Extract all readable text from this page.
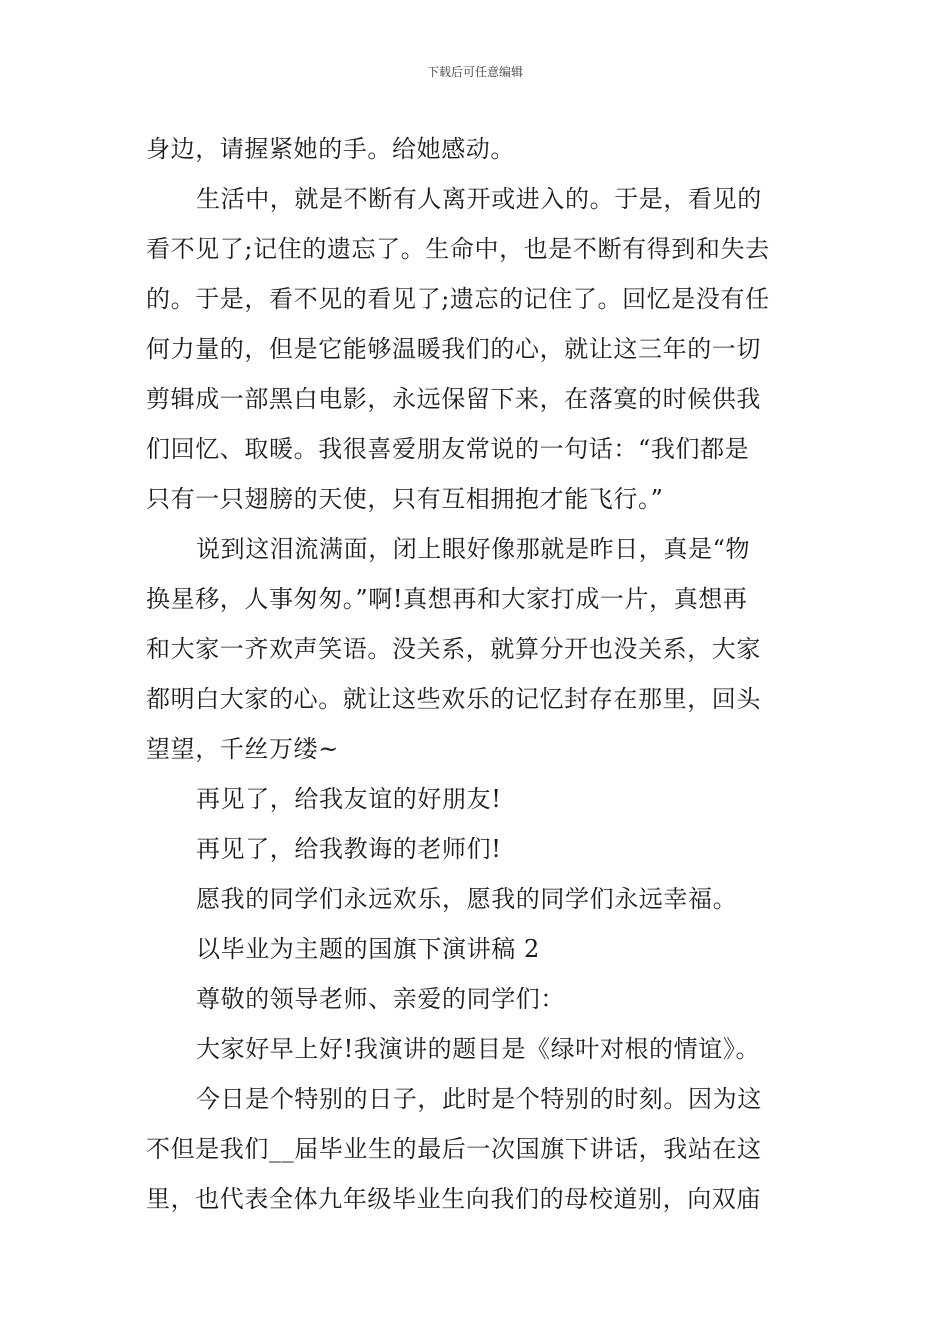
下载后可任意编辑
身边，请握紧她的手。给她感动。
生活中，就是不断有人离开或进入的。于是，看见的
看不见了;记住的遗忘了。生命中，也是不断有得到和失去
的。于是，看不见的看见了;遗忘的记住了。回忆是没有任
何力量的，但是它能够温暖我们的心，就让这三年的一切
剪辑成一部黑白电影，永远保留下来，在落寞的时候供我
们回忆、取暖。我很喜爱朋友常说的一句话：“我们都是
只有一只翅膀的天使，只有互相拥抱才能飞行。”
说到这泪流满面，闭上眼好像那就是昨日，真是“物
换星移，人事匆匆。”啊!真想再和大家打成一片，真想再
和大家一齐欢声笑语。没关系，就算分开也没关系，大家
都明白大家的心。就让这些欢乐的记忆封存在那里，回头
望望，千丝万缕~
再见了，给我友谊的好朋友!
再见了，给我教诲的老师们!
愿我的同学们永远欢乐，愿我的同学们永远幸福。
以毕业为主题的国旗下演讲稿 2
尊敬的领导老师、亲爱的同学们：
大家好早上好!我演讲的题目是《绿叶对根的情谊》。
今日是个特别的日子，此时是个特别的时刻。因为这
不但是我们__届毕业生的最后一次国旗下讲话，我站在这
里，也代表全体九年级毕业生向我们的母校道别，向双庙
